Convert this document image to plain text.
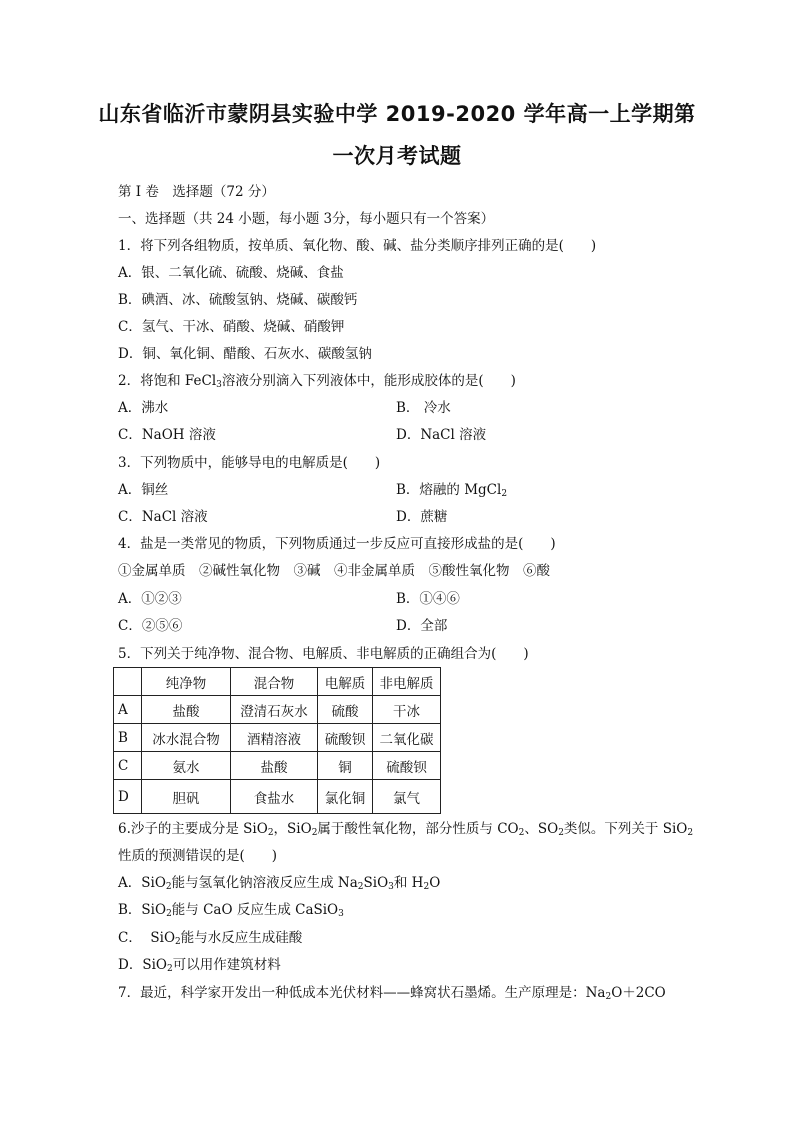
山东省临沂市蒙阴县实验中学 2019-2020 学年高一上学期第
一次月考试题
第 I 卷　选择题（72 分）
一、选择题（共 24 小题，每小题 3分，每小题只有一个答案）
1．将下列各组物质，按单质、氧化物、酸、碱、盐分类顺序排列正确的是(　　)
A．银、二氧化硫、硫酸、烧碱、食盐
B．碘酒、冰、硫酸氢钠、烧碱、碳酸钙
C．氢气、干冰、硝酸、烧碱、硝酸钾
D．铜、氧化铜、醋酸、石灰水、碳酸氢钠
2．将饱和 FeCl$_3$溶液分别滴入下列液体中，能形成胶体的是(　　)
A．沸水	B． 冷水
C．NaOH 溶液	D．NaCl 溶液
3．下列物质中，能够导电的电解质是(　　)
A．铜丝	B．熔融的 MgCl$_2$
C．NaCl 溶液	D．蔗糖
4．盐是一类常见的物质，下列物质通过一步反应可直接形成盐的是(　　)
①金属单质　②碱性氧化物　③碱　④非金属单质　⑤酸性氧化物　⑥酸
A．①②③	B．①④⑥
C．②⑤⑥	D．全部
5．下列关于纯净物、混合物、电解质、非电解质的正确组合为(　　)
	纯净物	混合物	电解质	非电解质
A	盐酸	澄清石灰水	硫酸	干冰
B	冰水混合物	酒精溶液	硫酸钡	二氧化碳
C	氨水	盐酸	铜	硫酸钡
D	胆矾	食盐水	氯化铜	氯气
6.沙子的主要成分是 SiO$_2$，SiO$_2$属于酸性氧化物，部分性质与 $CO_2$、$SO_2$类似。下列关于 SiO$_2$
性质的预测错误的是(　　)
A．SiO$_2$能与氢氧化钠溶液反应生成 $Na_2SiO_3$和 $H_2O$
B．SiO$_2$能与 CaO 反应生成 CaSiO$_3$
C．  SiO$_2$能与水反应生成硅酸
D．SiO$_2$可以用作建筑材料
7．最近，科学家开发出一种低成本光伏材料——蜂窝状石墨烯。生产原理是：$Na_2O+2CO$
